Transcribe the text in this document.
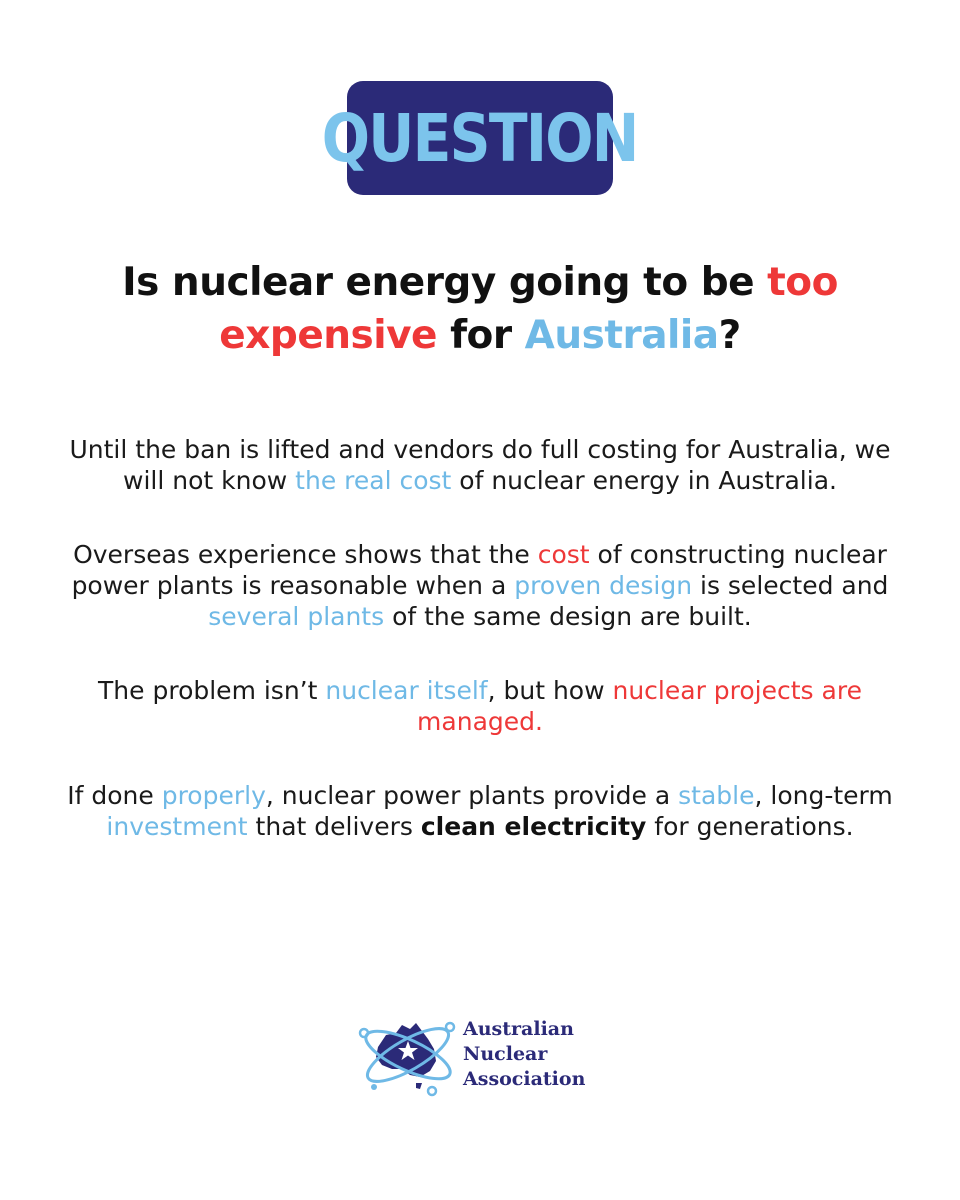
QUESTION
Is nuclear energy going to be too expensive for Australia?

Until the ban is lifted and vendors do full costing for Australia, we will not know the real cost of nuclear energy in Australia.

Overseas experience shows that the cost of constructing nuclear power plants is reasonable when a proven design is selected and several plants of the same design are built.

The problem isn’t nuclear itself, but how nuclear projects are managed.

If done properly, nuclear power plants provide a stable, long-term investment that delivers clean electricity for generations.

Australian
Nuclear
Association
